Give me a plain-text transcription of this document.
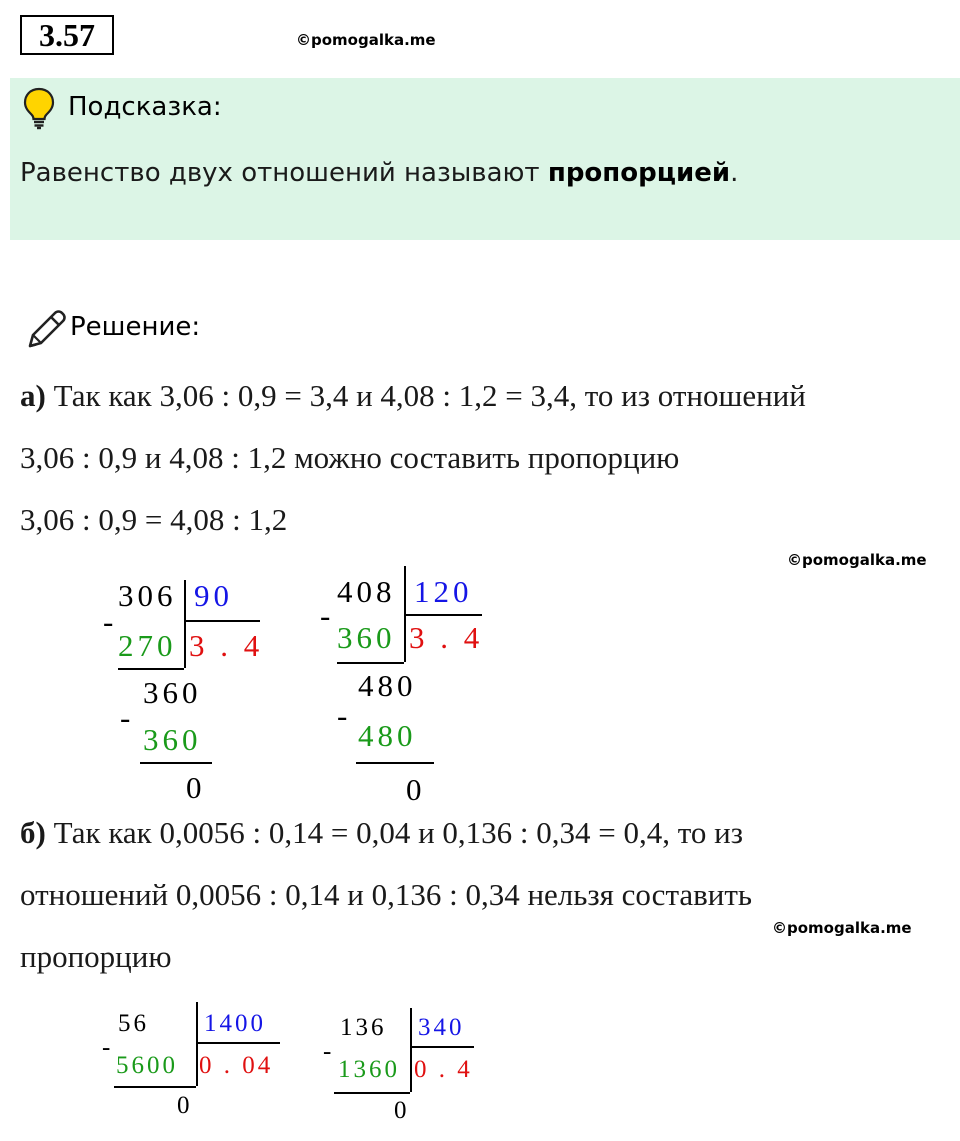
3.57	©pomogalka.me
Подсказка:
Равенство двух отношений называют пропорцией.
Решение:
а) Так как 3,06 : 0,9 = 3,4 и 4,08 : 1,2 = 3,4, то из отношений
3,06 : 0,9 и 4,08 : 1,2 можно составить пропорцию
3,06 : 0,9 = 4,08 : 1,2
©pomogalka.me
306 90
-
270 3 . 4
360
-
360
0
408 120
-
360 3 . 4
480
-
480
0
б) Так как 0,0056 : 0,14 = 0,04 и 0,136 : 0,34 = 0,4, то из
отношений 0,0056 : 0,14 и 0,136 : 0,34 нельзя составить
©pomogalka.me
пропорцию
56 1400
-
5600 0 . 04
0
136 340
-
1360 0 . 4
0
